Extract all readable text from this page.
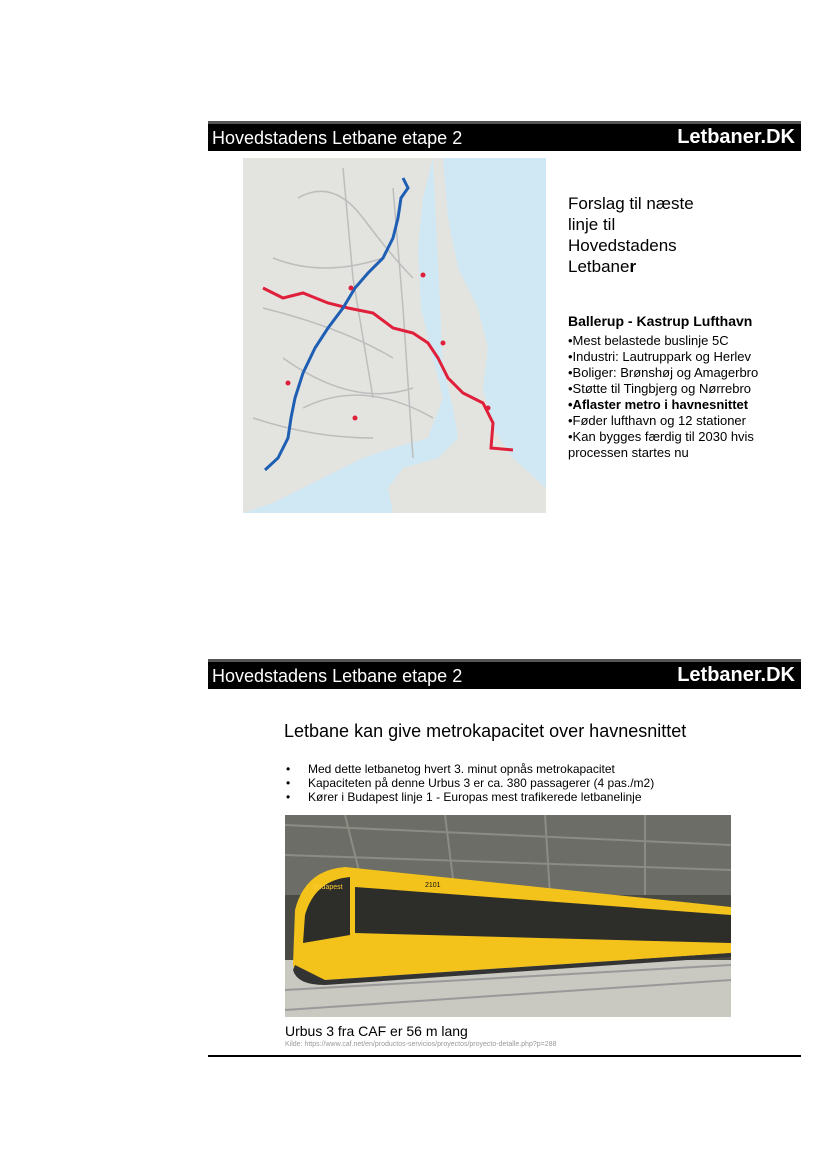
Hovedstadens Letbane etape 2	Letbaner.DK
Forslag til næste
linje til
Hovedstadens
Letbaner
Ballerup - Kastrup Lufthavn
•Mest belastede buslinje 5C
•Industri: Lautruppark og Herlev
•Boliger: Brønshøj og Amagerbro
•Støtte til Tingbjerg og Nørrebro
•Aflaster metro i havnesnittet
•Føder lufthavn og 12 stationer
•Kan bygges færdig til 2030 hvis
processen startes nu
Hovedstadens Letbane etape 2	Letbaner.DK
Letbane kan give metrokapacitet over havnesnittet
• Med dette letbanetog hvert 3. minut opnås metrokapacitet
• Kapaciteten på denne Urbus 3 er ca. 380 passagerer (4 pas./m2)
• Kører i Budapest linje 1 - Europas mest trafikerede letbanelinje
2101
Budapest
Urbus 3 fra CAF er 56 m lang
Kilde: https://www.caf.net/en/productos-servicios/proyectos/proyecto-detalle.php?p=288
